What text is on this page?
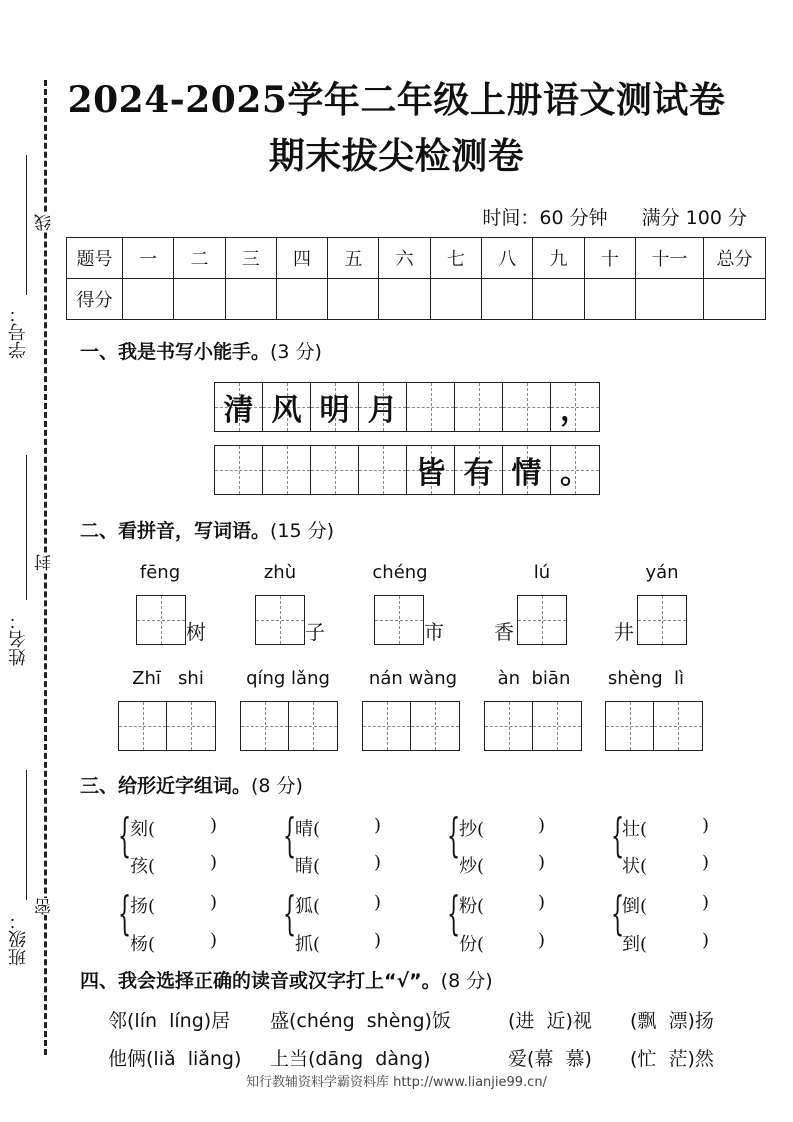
2024-2025学年二年级上册语文测试卷
期末拔尖检测卷
时间：60 分钟 满分 100 分
线
封
密
学号：
姓名：
班级：
题号	一	二	三	四	五	六	七	八	九	十	十一	总分
得分												
一、我是书写小能手。(3 分)
清 风 明 月	，
皆 有 情 。
二、看拼音，写词语。(15 分)
fēng	zhù	chéng	lú	yán
树	子	市	香	井
Zhī   shi	qíng lǎng	nán wàng	àn  biān	shèng  lì
三、给形近字组词。(8 分)
{
刻(	)
孩(	)
{
晴(	)
睛(	)
{
抄(	)
炒(	)
{
壮(	)
状(	)
{
扬(	)
杨(	)
{
狐(	)
抓(	)
{
粉(	)
份(	)
{
倒(	)
到(	)
四、我会选择正确的读音或汉字打上“√”。(8 分)
邻(lín  líng)居 盛(chéng  shèng)饭	(进  近)视 (飘  漂)扬
他俩(liǎ  liǎng) 上当(dāng  dàng)	爱(幕  慕) (忙  茫)然
知行教辅资料学霸资料库 http://www.lianjie99.cn/
